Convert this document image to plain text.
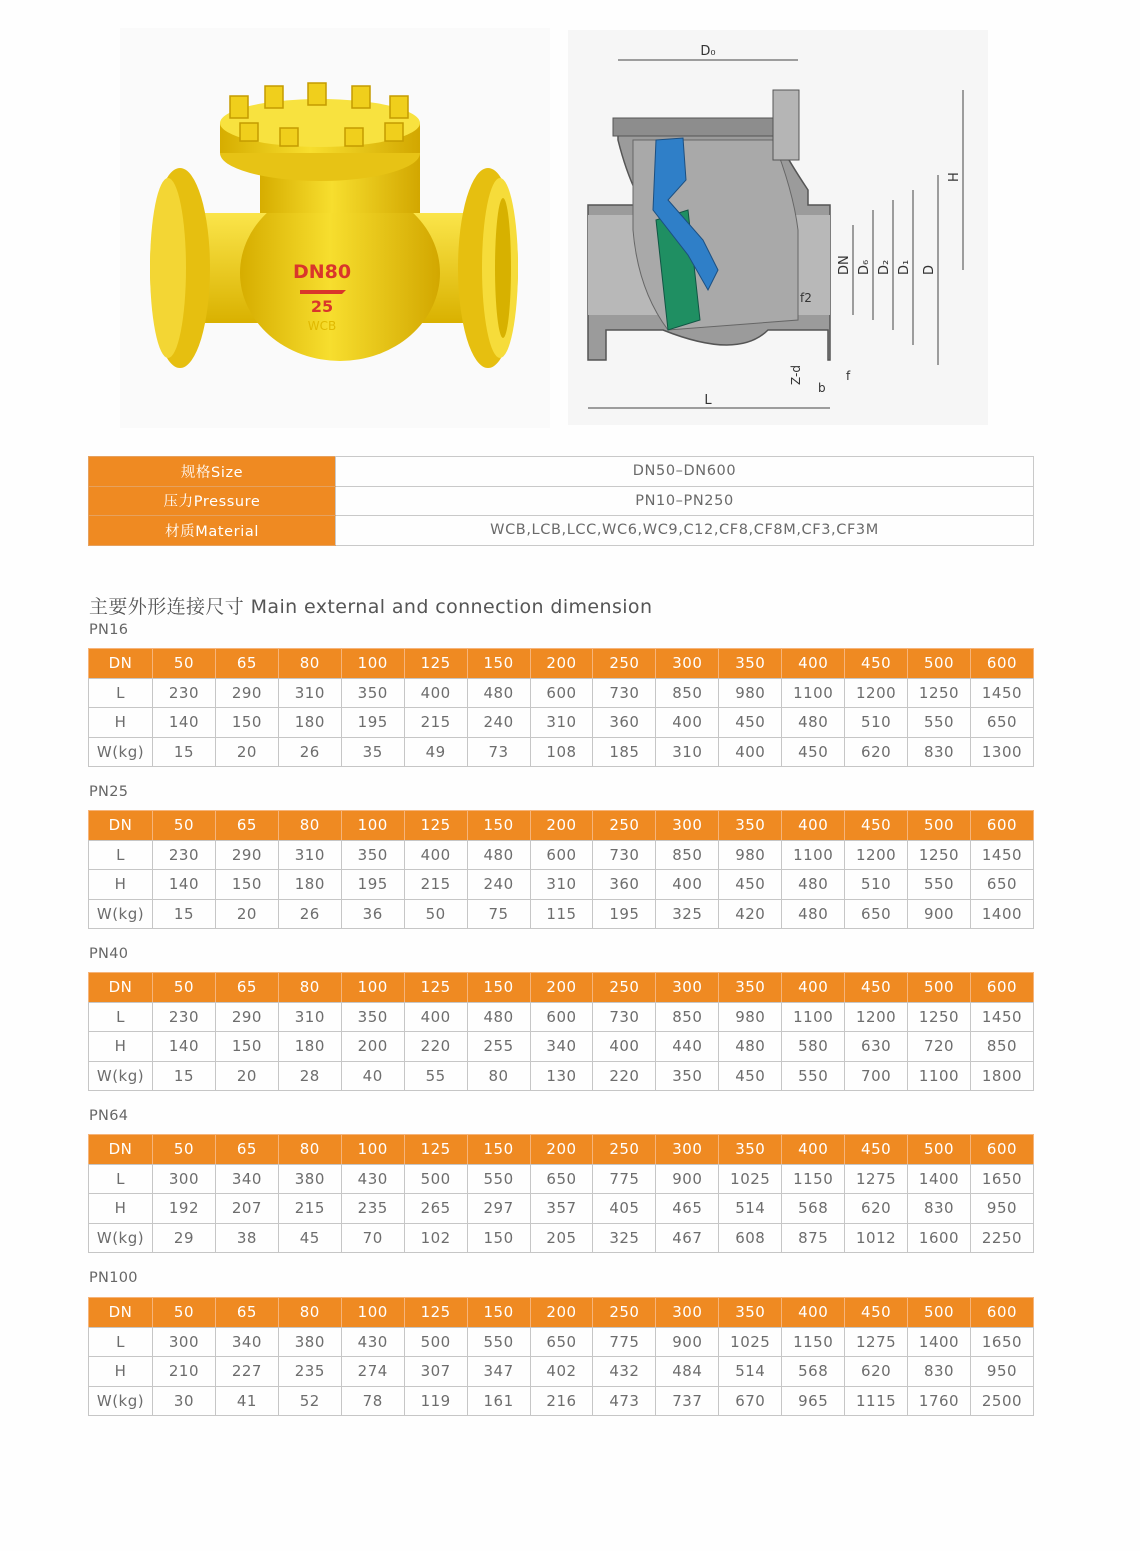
DN80
25
WCB
D₀
L
H
D
D₁
D₂
D₆
DN
f2
Z-d
b
f
规格Size	DN50–DN600
压力Pressure	PN10–PN250
材质Material	WCB,LCB,LCC,WC6,WC9,C12,CF8,CF8M,CF3,CF3M
主要外形连接尺寸 Main external and connection dimension
PN16
DN	50	65	80	100	125	150	200	250	300	350	400	450	500	600
L	230	290	310	350	400	480	600	730	850	980	1100	1200	1250	1450
H	140	150	180	195	215	240	310	360	400	450	480	510	550	650
W(kg)	15	20	26	35	49	73	108	185	310	400	450	620	830	1300
PN25
DN	50	65	80	100	125	150	200	250	300	350	400	450	500	600
L	230	290	310	350	400	480	600	730	850	980	1100	1200	1250	1450
H	140	150	180	195	215	240	310	360	400	450	480	510	550	650
W(kg)	15	20	26	36	50	75	115	195	325	420	480	650	900	1400
PN40
DN	50	65	80	100	125	150	200	250	300	350	400	450	500	600
L	230	290	310	350	400	480	600	730	850	980	1100	1200	1250	1450
H	140	150	180	200	220	255	340	400	440	480	580	630	720	850
W(kg)	15	20	28	40	55	80	130	220	350	450	550	700	1100	1800
PN64
DN	50	65	80	100	125	150	200	250	300	350	400	450	500	600
L	300	340	380	430	500	550	650	775	900	1025	1150	1275	1400	1650
H	192	207	215	235	265	297	357	405	465	514	568	620	830	950
W(kg)	29	38	45	70	102	150	205	325	467	608	875	1012	1600	2250
PN100
DN	50	65	80	100	125	150	200	250	300	350	400	450	500	600
L	300	340	380	430	500	550	650	775	900	1025	1150	1275	1400	1650
H	210	227	235	274	307	347	402	432	484	514	568	620	830	950
W(kg)	30	41	52	78	119	161	216	473	737	670	965	1115	1760	2500
